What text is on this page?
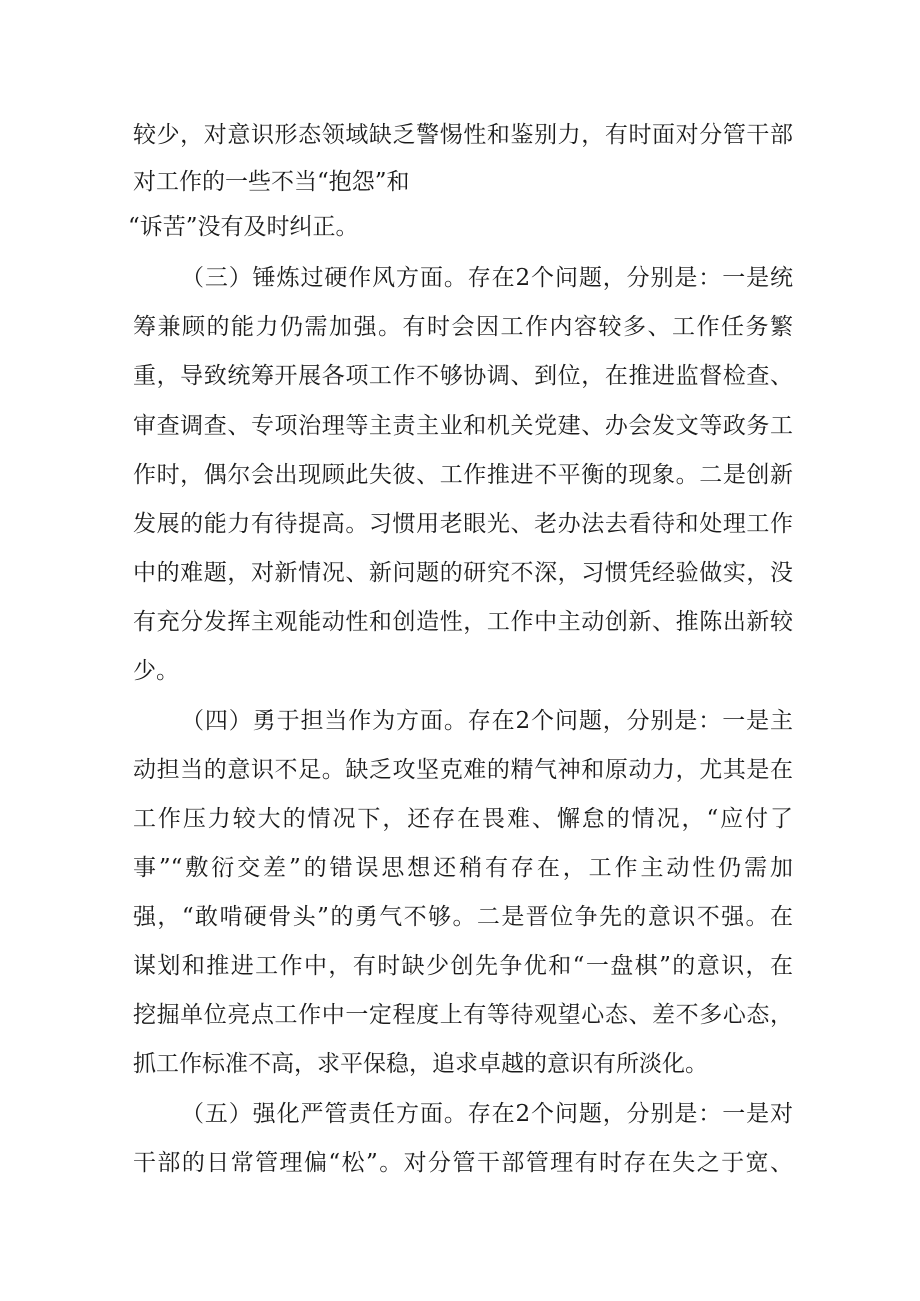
较少，对意识形态领域缺乏警惕性和鉴别力，有时面对分管干部
对工作的一些不当“抱怨”和
“诉苦”没有及时纠正。
（三）锤炼过硬作风方面。存在2个问题，分别是：一是统
筹兼顾的能力仍需加强。有时会因工作内容较多、工作任务繁
重，导致统筹开展各项工作不够协调、到位，在推进监督检查、
审查调查、专项治理等主责主业和机关党建、办会发文等政务工
作时，偶尔会出现顾此失彼、工作推进不平衡的现象。二是创新
发展的能力有待提高。习惯用老眼光、老办法去看待和处理工作
中的难题，对新情况、新问题的研究不深，习惯凭经验做实，没
有充分发挥主观能动性和创造性，工作中主动创新、推陈出新较
少。
（四）勇于担当作为方面。存在2个问题，分别是：一是主
动担当的意识不足。缺乏攻坚克难的精气神和原动力，尤其是在
工作压力较大的情况下，还存在畏难、懈怠的情况，“应付了
事”“敷衍交差”的错误思想还稍有存在，工作主动性仍需加
强，“敢啃硬骨头”的勇气不够。二是晋位争先的意识不强。在
谋划和推进工作中，有时缺少创先争优和“一盘棋”的意识，在
挖掘单位亮点工作中一定程度上有等待观望心态、差不多心态，
抓工作标准不高，求平保稳，追求卓越的意识有所淡化。
（五）强化严管责任方面。存在2个问题，分别是：一是对
干部的日常管理偏“松”。对分管干部管理有时存在失之于宽、
